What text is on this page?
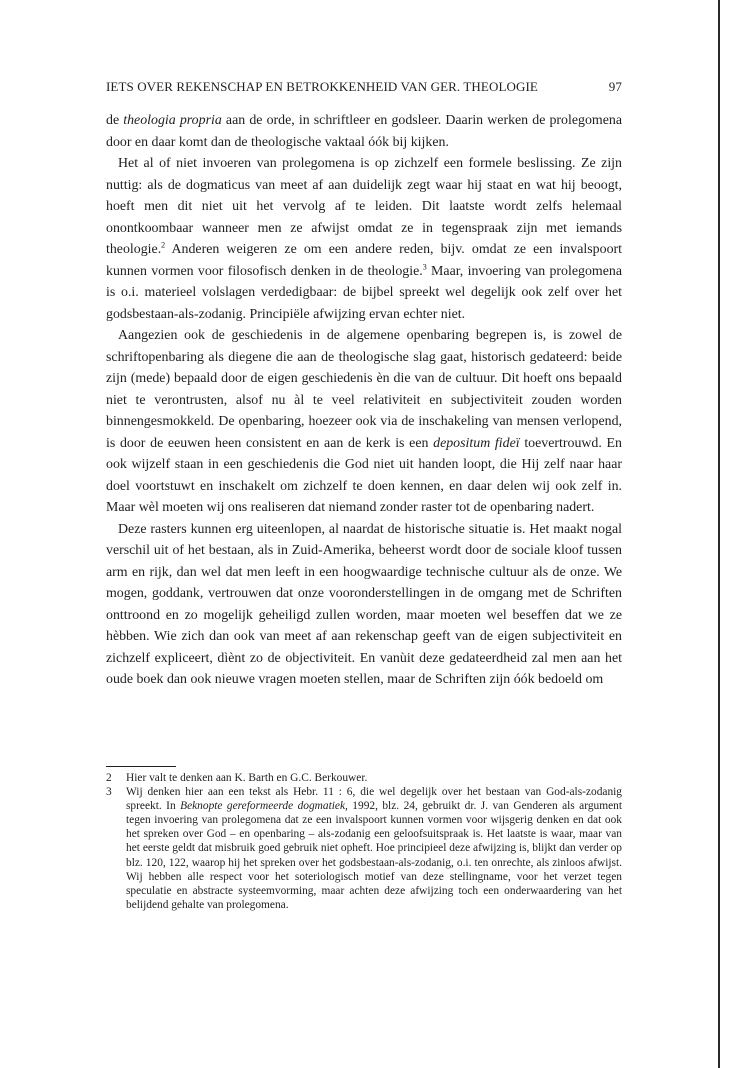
IETS OVER REKENSCHAP EN BETROKKENHEID VAN GER. THEOLOGIE	97

de theologia propria aan de orde, in schriftleer en godsleer. Daarin werken de prolegomena door en daar komt dan de theologische vaktaal óók bij kijken.

Het al of niet invoeren van prolegomena is op zichzelf een formele beslissing. Ze zijn nuttig: als de dogmaticus van meet af aan duidelijk zegt waar hij staat en wat hij beoogt, hoeft men dit niet uit het vervolg af te leiden. Dit laatste wordt zelfs helemaal onontkoombaar wanneer men ze afwijst omdat ze in tegenspraak zijn met iemands theologie.$^2$ Anderen weigeren ze om een andere reden, bijv. omdat ze een invalspoort kunnen vormen voor filosofisch denken in de theologie.$^3$ Maar, invoering van prolegomena is o.i. materieel volslagen verdedigbaar: de bijbel spreekt wel degelijk ook zelf over het godsbestaan-als-zodanig. Principiële afwijzing ervan echter niet.

Aangezien ook de geschiedenis in de algemene openbaring begrepen is, is zowel de schriftopenbaring als diegene die aan de theologische slag gaat, historisch gedateerd: beide zijn (mede) bepaald door de eigen geschiedenis èn die van de cultuur. Dit hoeft ons bepaald niet te verontrusten, alsof nu àl te veel relativiteit en subjectiviteit zouden worden binnengesmokkeld. De openbaring, hoezeer ook via de inschakeling van mensen verlopend, is door de eeuwen heen consistent en aan de kerk is een depositum fideï toevertrouwd. En ook wijzelf staan in een geschiedenis die God niet uit handen loopt, die Hij zelf naar haar doel voortstuwt en inschakelt om zichzelf te doen kennen, en daar delen wij ook zelf in. Maar wèl moeten wij ons realiseren dat niemand zonder raster tot de openbaring nadert.

Deze rasters kunnen erg uiteenlopen, al naardat de historische situatie is. Het maakt nogal verschil uit of het bestaan, als in Zuid-Amerika, beheerst wordt door de sociale kloof tussen arm en rijk, dan wel dat men leeft in een hoogwaardige technische cultuur als de onze. We mogen, goddank, vertrouwen dat onze vooronderstellingen in de omgang met de Schriften onttroond en zo mogelijk geheiligd zullen worden, maar moeten wel beseffen dat we ze hèbben. Wie zich dan ook van meet af aan rekenschap geeft van de eigen subjectiviteit en zichzelf expliceert, dìènt zo de objectiviteit. En vanùit deze gedateerdheid zal men aan het oude boek dan ook nieuwe vragen moeten stellen, maar de Schriften zijn óók bedoeld om

2	Hier valt te denken aan K. Barth en G.C. Berkouwer.
3	Wij denken hier aan een tekst als Hebr. 11 : 6, die wel degelijk over het bestaan van God-als-zodanig spreekt. In Beknopte gereformeerde dogmatiek, 1992, blz. 24, gebruikt dr. J. van Genderen als argument tegen invoering van prolegomena dat ze een invalspoort kunnen vormen voor wijsgerig denken en dat ook het spreken over God – en openbaring – als-zodanig een geloofsuitspraak is. Het laatste is waar, maar van het eerste geldt dat misbruik goed gebruik niet opheft. Hoe principieel deze afwijzing is, blijkt dan verder op blz. 120, 122, waarop hij het spreken over het godsbestaan-als-zodanig, o.i. ten onrechte, als zinloos afwijst. Wij hebben alle respect voor het soteriologisch motief van deze stellingname, voor het verzet tegen speculatie en abstracte systeemvorming, maar achten deze afwijzing toch een onderwaardering van het belijdend gehalte van prolegomena.
